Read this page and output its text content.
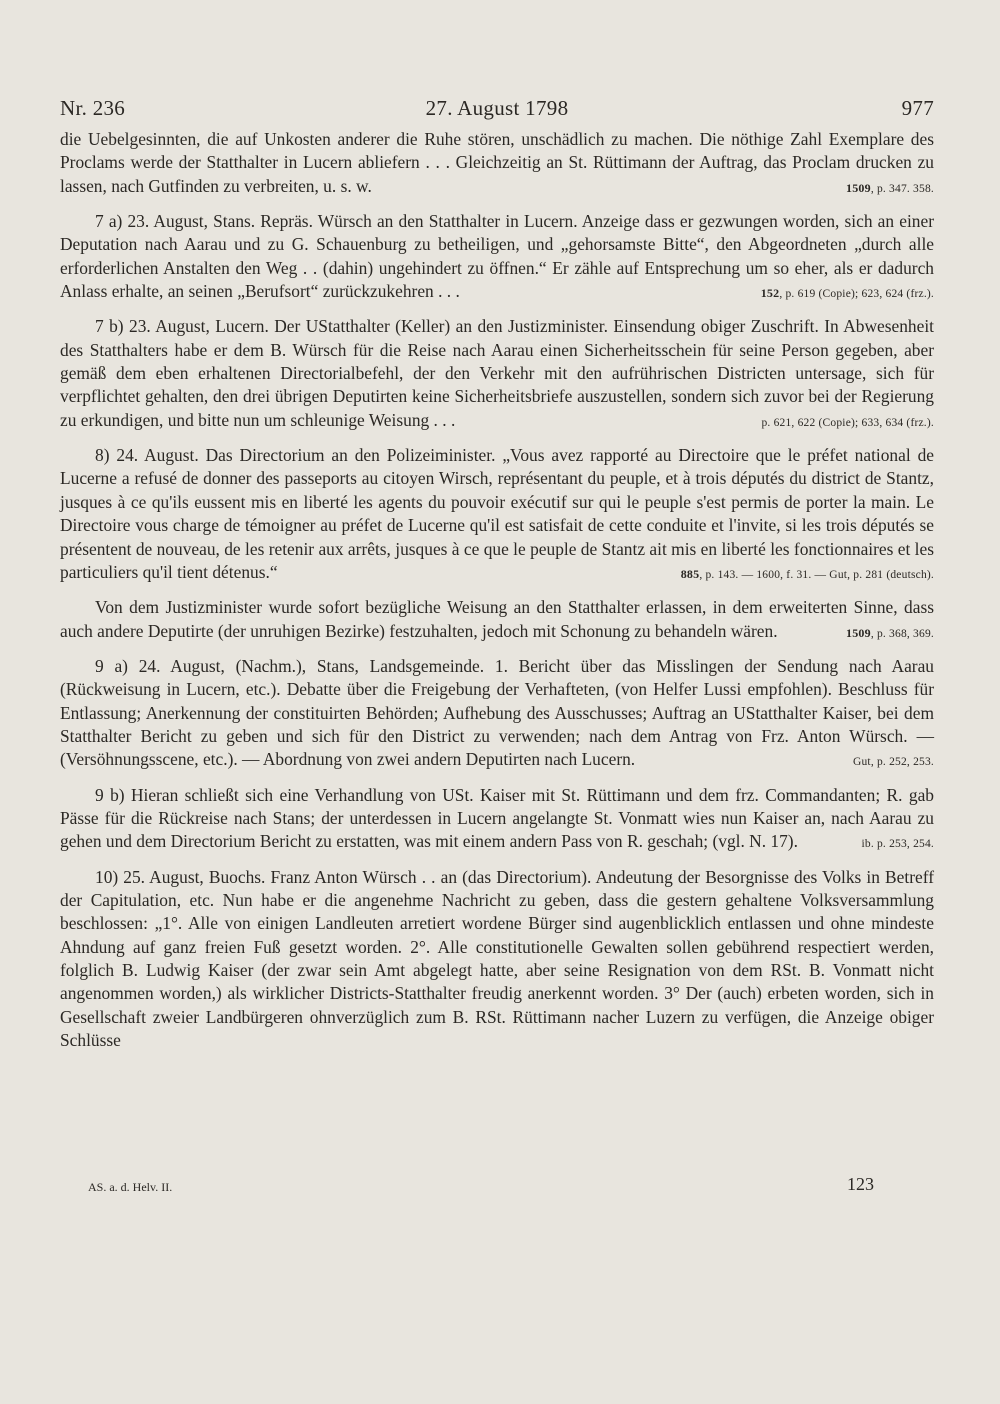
Nr. 236	27. August 1798	977

die Uebelgesinnten, die auf Unkosten anderer die Ruhe stören, unschädlich zu machen. Die nöthige Zahl Exemplare des Proclams werde der Statthalter in Lucern abliefern . . . Gleichzeitig an St. Rüttimann der Auftrag, das Proclam drucken zu lassen, nach Gutfinden zu verbreiten, u. s. w.	1509, p. 347. 358.

7 a) 23. August, Stans. Repräs. Würsch an den Statthalter in Lucern. Anzeige dass er gezwungen worden, sich an einer Deputation nach Aarau und zu G. Schauenburg zu betheiligen, und „gehorsamste Bitte“, den Abgeordneten „durch alle erforderlichen Anstalten den Weg . . (dahin) ungehindert zu öffnen.“ Er zähle auf Entsprechung um so eher, als er dadurch Anlass erhalte, an seinen „Berufsort“ zurückzukehren . . .	152, p. 619 (Copie); 623, 624 (frz.).

7 b) 23. August, Lucern. Der UStatthalter (Keller) an den Justizminister. Einsendung obiger Zuschrift. In Abwesenheit des Statthalters habe er dem B. Würsch für die Reise nach Aarau einen Sicherheitsschein für seine Person gegeben, aber gemäß dem eben erhaltenen Directorialbefehl, der den Verkehr mit den aufrührischen Districten untersage, sich für verpflichtet gehalten, den drei übrigen Deputirten keine Sicherheitsbriefe auszustellen, sondern sich zuvor bei der Regierung zu erkundigen, und bitte nun um schleunige Weisung . . .	p. 621, 622 (Copie); 633, 634 (frz.).

8) 24. August. Das Directorium an den Polizeiminister. „Vous avez rapporté au Directoire que le préfet national de Lucerne a refusé de donner des passeports au citoyen Wirsch, représentant du peuple, et à trois députés du district de Stantz, jusques à ce qu'ils eussent mis en liberté les agents du pouvoir exécutif sur qui le peuple s'est permis de porter la main. Le Directoire vous charge de témoigner au préfet de Lucerne qu'il est satisfait de cette conduite et l'invite, si les trois députés se présentent de nouveau, de les retenir aux arrêts, jusques à ce que le peuple de Stantz ait mis en liberté les fonctionnaires et les particuliers qu'il tient détenus.“	885, p. 143. — 1600, f. 31. — Gut, p. 281 (deutsch).

Von dem Justizminister wurde sofort bezügliche Weisung an den Statthalter erlassen, in dem erweiterten Sinne, dass auch andere Deputirte (der unruhigen Bezirke) festzuhalten, jedoch mit Schonung zu behandeln wären.	1509, p. 368, 369.

9 a) 24. August, (Nachm.), Stans, Landsgemeinde. 1. Bericht über das Misslingen der Sendung nach Aarau (Rückweisung in Lucern, etc.). Debatte über die Freigebung der Verhafteten, (von Helfer Lussi empfohlen). Beschluss für Entlassung; Anerkennung der constituirten Behörden; Aufhebung des Ausschusses; Auftrag an UStatthalter Kaiser, bei dem Statthalter Bericht zu geben und sich für den District zu verwenden; nach dem Antrag von Frz. Anton Würsch. — (Versöhnungsscene, etc.). — Abordnung von zwei andern Deputirten nach Lucern.	Gut, p. 252, 253.

9 b) Hieran schließt sich eine Verhandlung von USt. Kaiser mit St. Rüttimann und dem frz. Commandanten; R. gab Pässe für die Rückreise nach Stans; der unterdessen in Lucern angelangte St. Vonmatt wies nun Kaiser an, nach Aarau zu gehen und dem Directorium Bericht zu erstatten, was mit einem andern Pass von R. geschah; (vgl. N. 17).	ib. p. 253, 254.

10) 25. August, Buochs. Franz Anton Würsch . . an (das Directorium). Andeutung der Besorgnisse des Volks in Betreff der Capitulation, etc. Nun habe er die angenehme Nachricht zu geben, dass die gestern gehaltene Volksversammlung beschlossen: „1°. Alle von einigen Landleuten arretiert wordene Bürger sind augenblicklich entlassen und ohne mindeste Ahndung auf ganz freien Fuß gesetzt worden. 2°. Alle constitutionelle Gewalten sollen gebührend respectiert werden, folglich B. Ludwig Kaiser (der zwar sein Amt abgelegt hatte, aber seine Resignation von dem RSt. B. Vonmatt nicht angenommen worden,) als wirklicher Districts-Statthalter freudig anerkennt worden. 3° Der (auch) erbeten worden, sich in Gesellschaft zweier Landbürgeren ohnverzüglich zum B. RSt. Rüttimann nacher Luzern zu verfügen, die Anzeige obiger Schlüsse

AS. a. d. Helv. II.	123
